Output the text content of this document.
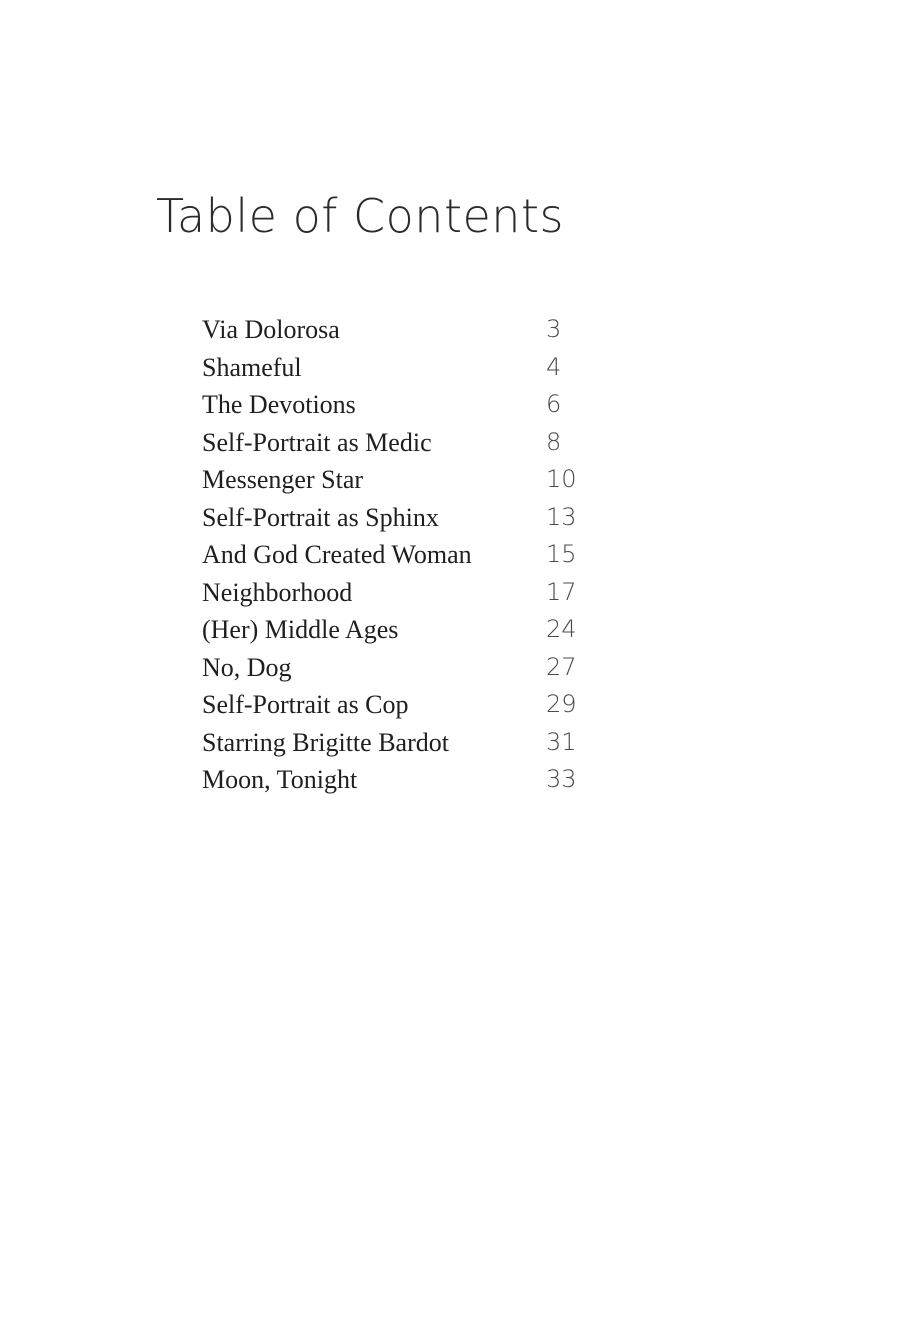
Table of Contents
Via Dolorosa	3
Shameful	4
The Devotions	6
Self-Portrait as Medic	8
Messenger Star	10
Self-Portrait as Sphinx	13
And God Created Woman	15
Neighborhood	17
(Her) Middle Ages	24
No, Dog	27
Self-Portrait as Cop	29
Starring Brigitte Bardot	31
Moon, Tonight	33
